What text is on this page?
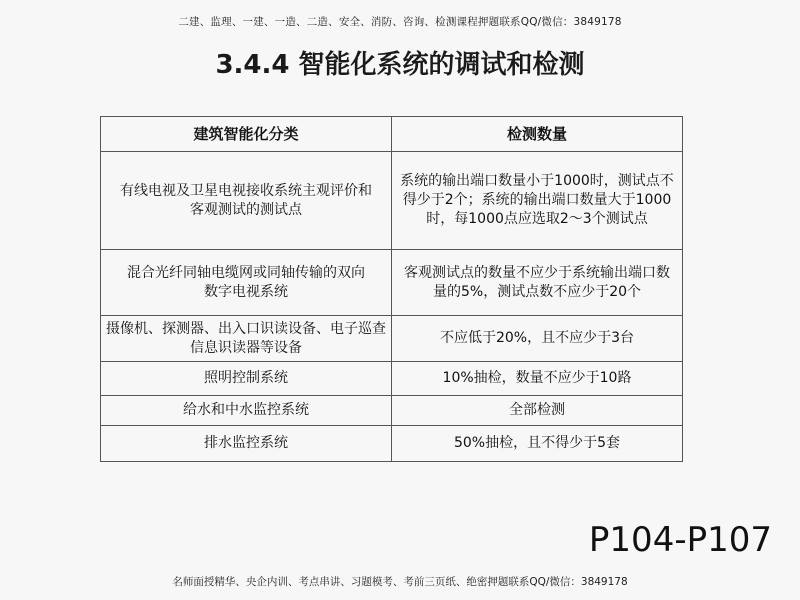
二建、监理、一建、一造、二造、安全、消防、咨询、检测课程押题联系QQ/微信：3849178
3.4.4 智能化系统的调试和检测
建筑智能化分类	检测数量
有线电视及卫星电视接收系统主观评价和客观测试的测试点	系统的输出端口数量小于1000时，测试点不得少于2个；系统的输出端口数量大于1000时，每1000点应选取2～3个测试点
混合光纤同轴电缆网或同轴传输的双向数字电视系统	客观测试点的数量不应少于系统输出端口数量的5%，测试点数不应少于20个
摄像机、探测器、出入口识读设备、电子巡查信息识读器等设备	不应低于20%，且不应少于3台
照明控制系统	10%抽检，数量不应少于10路
给水和中水监控系统	全部检测
排水监控系统	50%抽检，且不得少于5套
P104-P107
名师面授精华、央企内训、考点串讲、习题模考、考前三页纸、绝密押题联系QQ/微信：3849178
